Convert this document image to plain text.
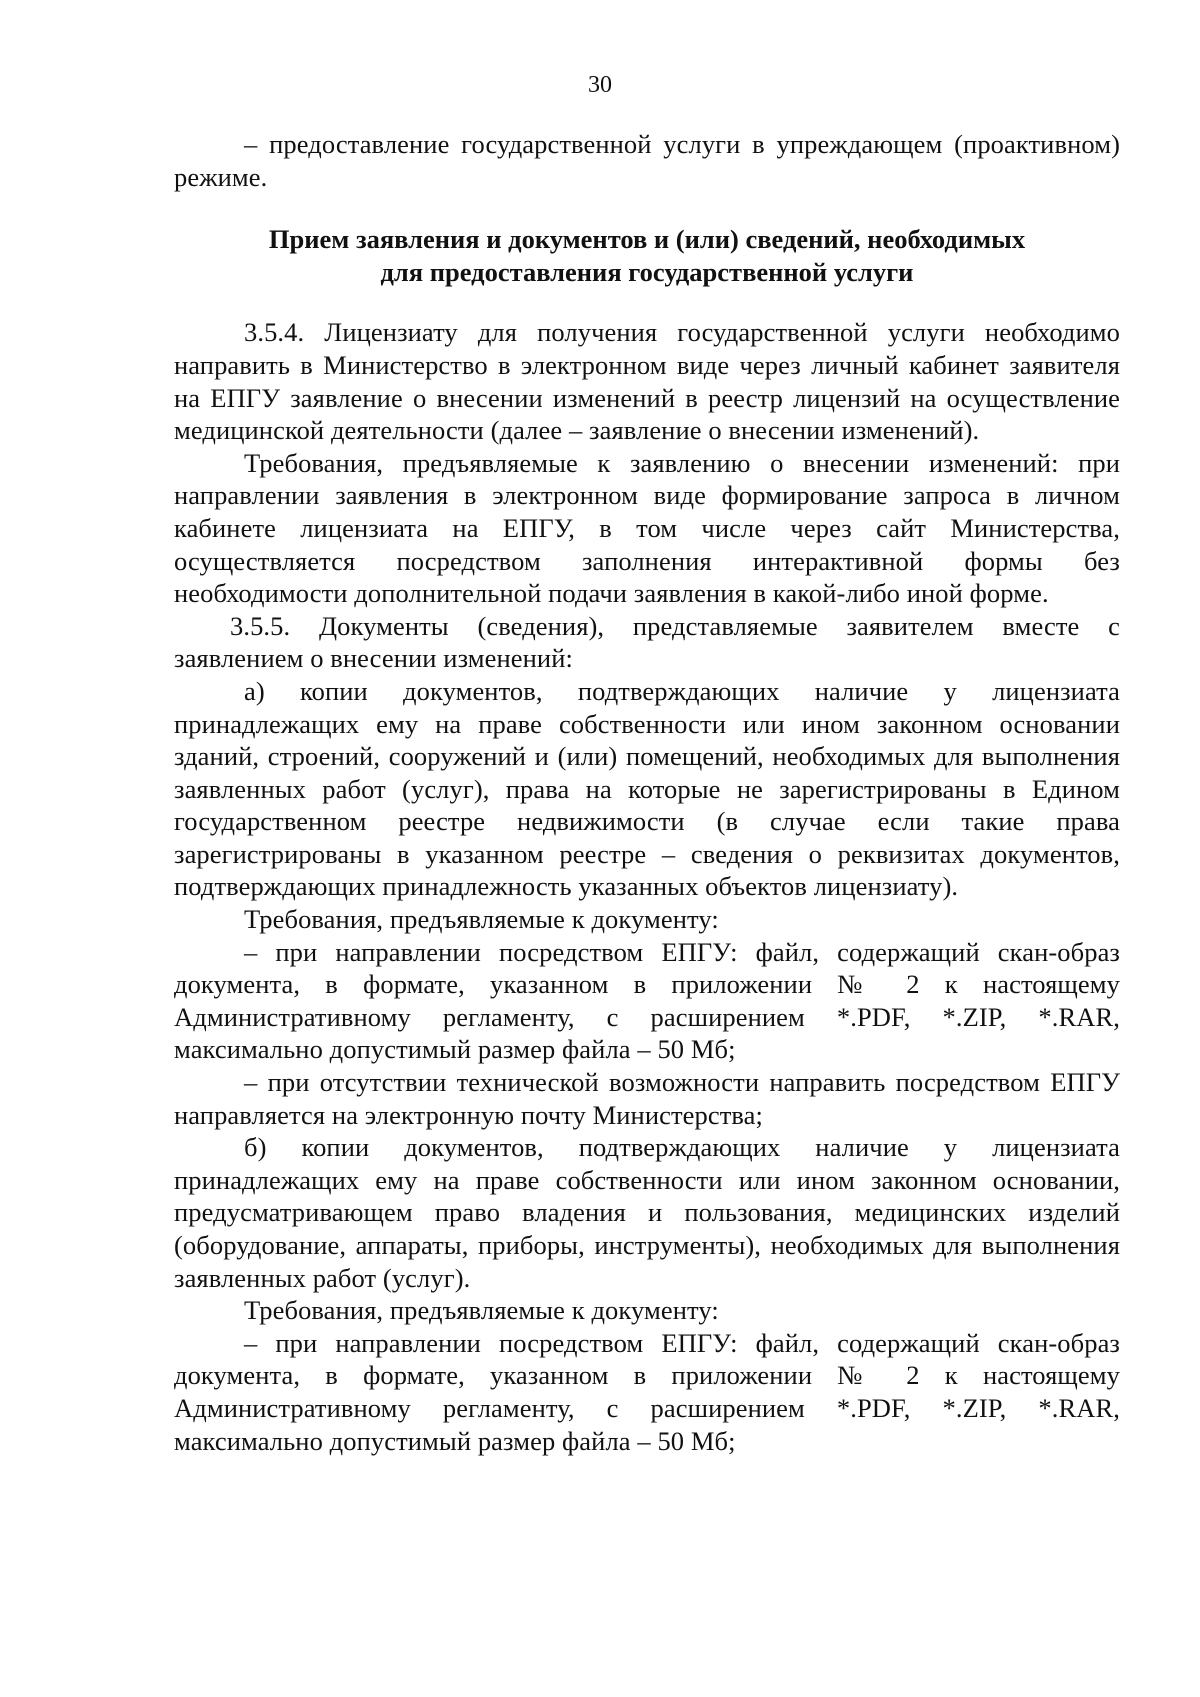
30

– предоставление государственной услуги в упреждающем (проактивном) режиме.

Прием заявления и документов и (или) сведений, необходимых
для предоставления государственной услуги

3.5.4. Лицензиату для получения государственной услуги необходимо направить в Министерство в электронном виде через личный кабинет заявителя на ЕПГУ заявление о внесении изменений в реестр лицензий на осуществление медицинской деятельности (далее – заявление о внесении изменений).

Требования, предъявляемые к заявлению о внесении изменений: при направлении заявления в электронном виде формирование запроса в личном кабинете лицензиата на ЕПГУ, в том числе через сайт Министерства, осуществляется посредством заполнения интерактивной формы без необходимости дополнительной подачи заявления в какой-либо иной форме.

3.5.5. Документы (сведения), представляемые заявителем вместе с заявлением о внесении изменений:

а) копии документов, подтверждающих наличие у лицензиата принадлежащих ему на праве собственности или ином законном основании зданий, строений, сооружений и (или) помещений, необходимых для выполнения заявленных работ (услуг), права на которые не зарегистрированы в Едином государственном реестре недвижимости (в случае если такие права зарегистрированы в указанном реестре – сведения о реквизитах документов, подтверждающих принадлежность указанных объектов лицензиату).

Требования, предъявляемые к документу:

– при направлении посредством ЕПГУ: файл, содержащий скан-образ документа, в формате, указанном в приложении № 2 к настоящему Административному регламенту, с расширением *.PDF, *.ZIP, *.RAR, максимально допустимый размер файла – 50 Мб;

– при отсутствии технической возможности направить посредством ЕПГУ направляется на электронную почту Министерства;

б) копии документов, подтверждающих наличие у лицензиата принадлежащих ему на праве собственности или ином законном основании, предусматривающем право владения и пользования, медицинских изделий (оборудование, аппараты, приборы, инструменты), необходимых для выполнения заявленных работ (услуг).

Требования, предъявляемые к документу:

– при направлении посредством ЕПГУ: файл, содержащий скан-образ документа, в формате, указанном в приложении № 2 к настоящему Административному регламенту, с расширением *.PDF, *.ZIP, *.RAR, максимально допустимый размер файла – 50 Мб;
